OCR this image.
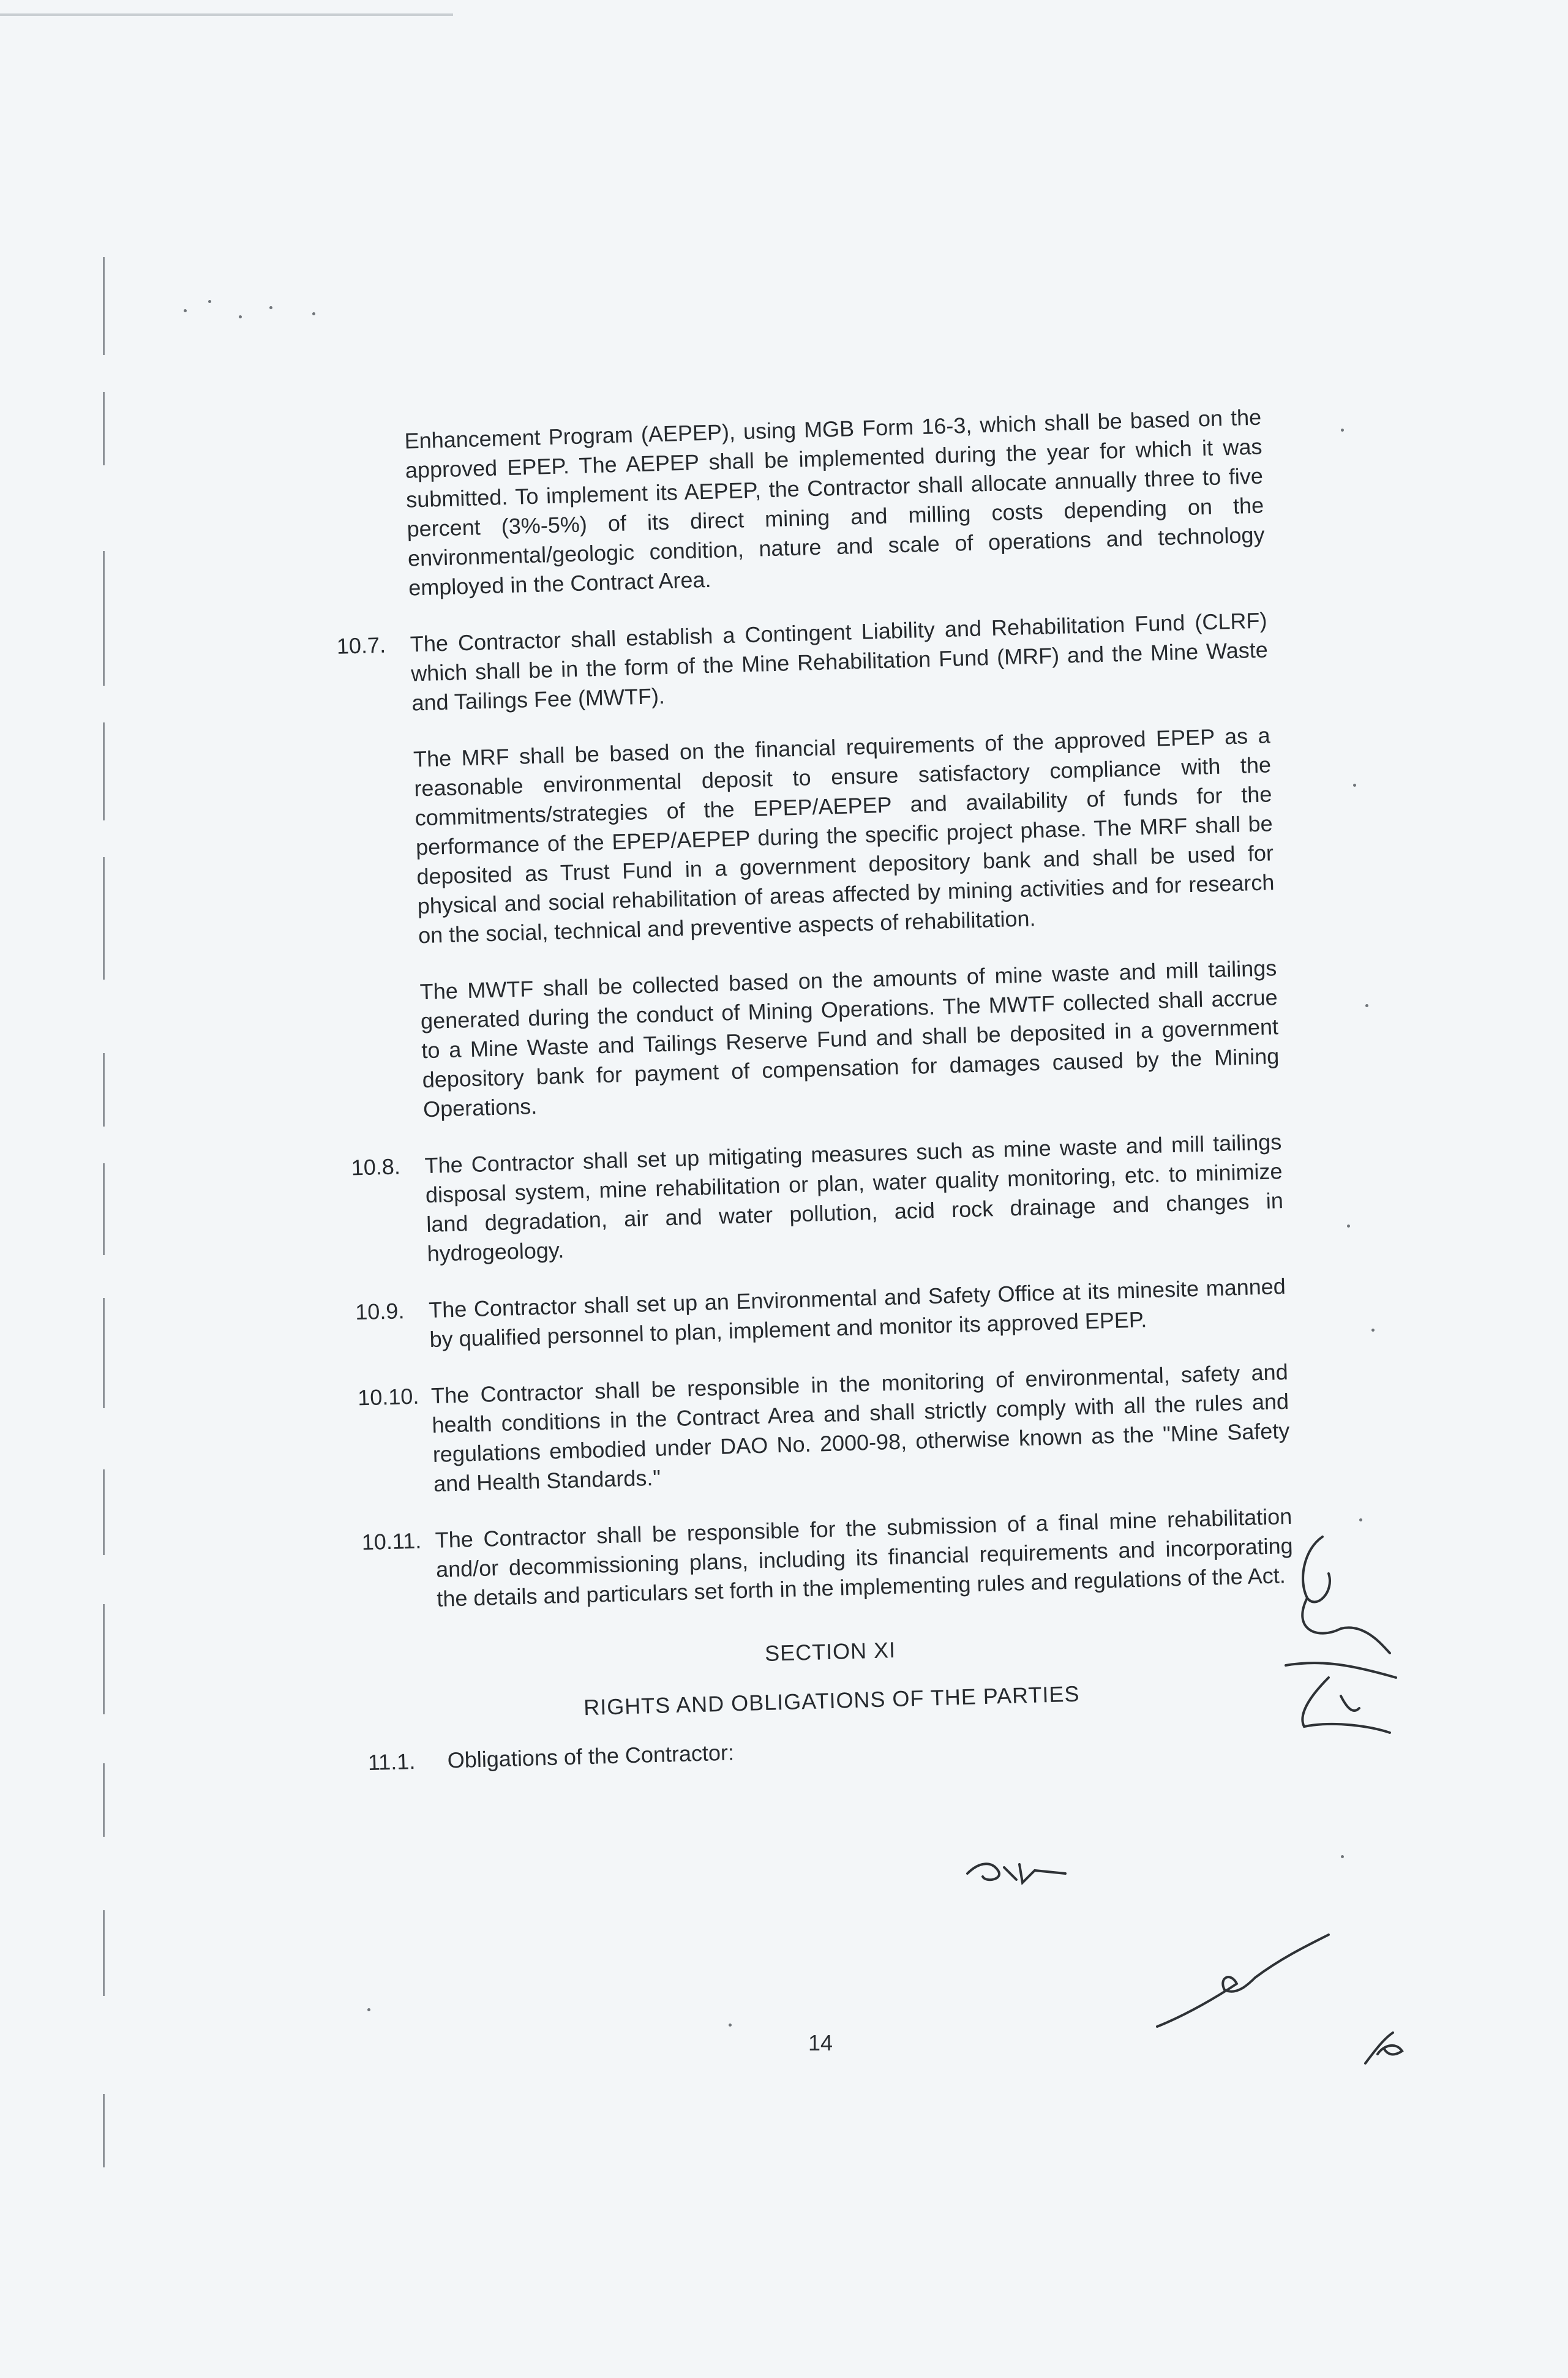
Enhancement Program (AEPEP), using MGB Form 16-3, which shall be based on the approved EPEP. The AEPEP shall be implemented during the year for which it was submitted. To implement its AEPEP, the Contractor shall allocate annually three to five percent (3%-5%) of its direct mining and milling costs depending on the environmental/geologic condition, nature and scale of operations and technology employed in the Contract Area.

10.7.	The Contractor shall establish a Contingent Liability and Rehabilitation Fund (CLRF) which shall be in the form of the Mine Rehabilitation Fund (MRF) and the Mine Waste and Tailings Fee (MWTF).

The MRF shall be based on the financial requirements of the approved EPEP as a reasonable environmental deposit to ensure satisfactory compliance with the commitments/strategies of the EPEP/AEPEP and availability of funds for the performance of the EPEP/AEPEP during the specific project phase. The MRF shall be deposited as Trust Fund in a government depository bank and shall be used for physical and social rehabilitation of areas affected by mining activities and for research on the social, technical and preventive aspects of rehabilitation.

The MWTF shall be collected based on the amounts of mine waste and mill tailings generated during the conduct of Mining Operations. The MWTF collected shall accrue to a Mine Waste and Tailings Reserve Fund and shall be deposited in a government depository bank for payment of compensation for damages caused by the Mining Operations.

10.8.	The Contractor shall set up mitigating measures such as mine waste and mill tailings disposal system, mine rehabilitation or plan, water quality monitoring, etc. to minimize land degradation, air and water pollution, acid rock drainage and changes in hydrogeology.

10.9.	The Contractor shall set up an Environmental and Safety Office at its minesite manned by qualified personnel to plan, implement and monitor its approved EPEP.

10.10. The Contractor shall be responsible in the monitoring of environmental, safety and health conditions in the Contract Area and shall strictly comply with all the rules and regulations embodied under DAO No. 2000-98, otherwise known as the "Mine Safety and Health Standards."

10.11. The Contractor shall be responsible for the submission of a final mine rehabilitation and/or decommissioning plans, including its financial requirements and incorporating the details and particulars set forth in the implementing rules and regulations of the Act.

SECTION XI
RIGHTS AND OBLIGATIONS OF THE PARTIES
11.1. Obligations of the Contractor:
14
